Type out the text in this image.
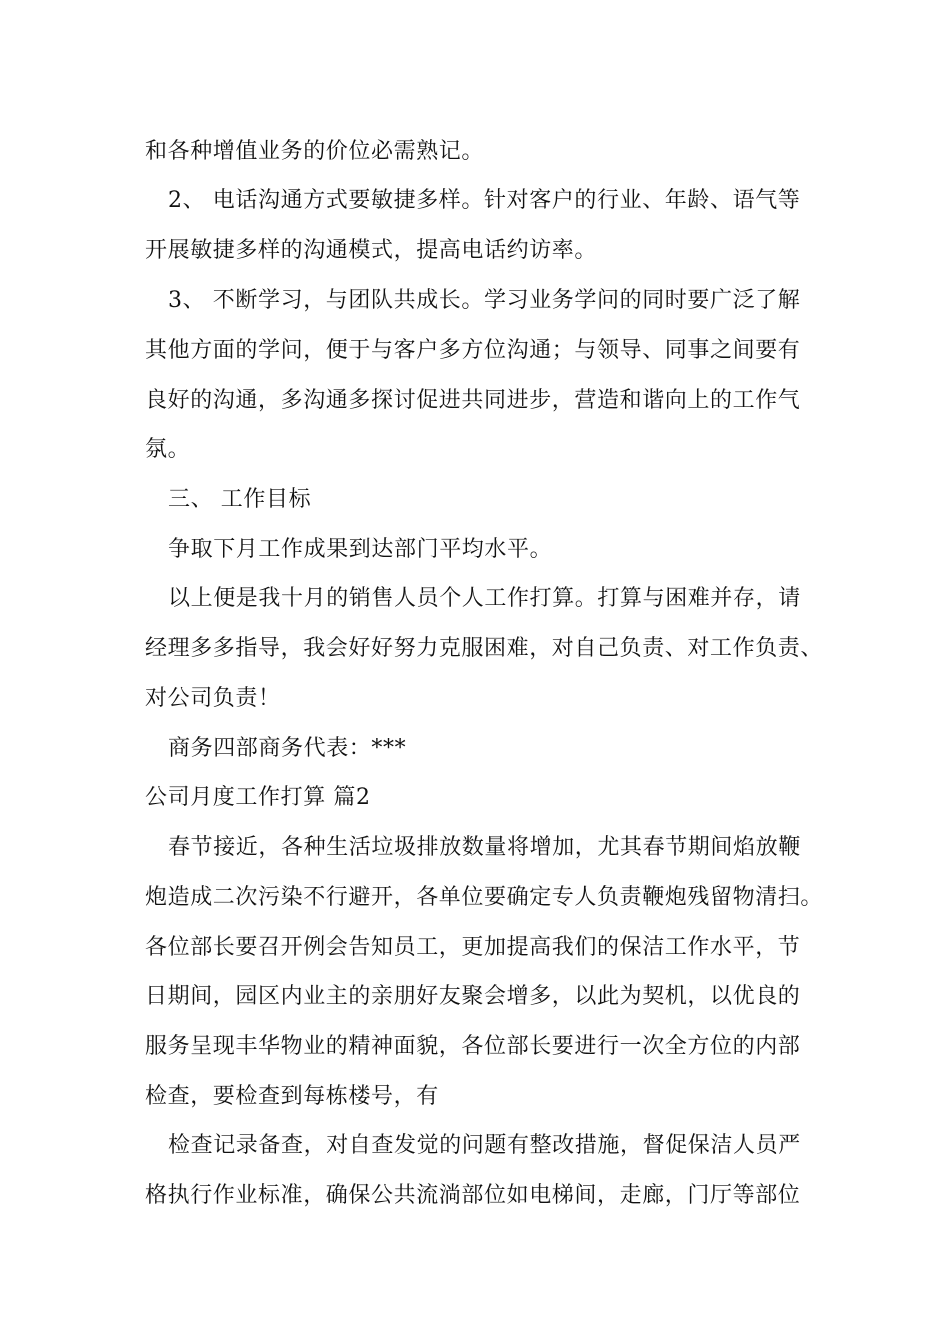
和各种增值业务的价位必需熟记。
2、 电话沟通方式要敏捷多样。针对客户的行业、年龄、语气等
开展敏捷多样的沟通模式，提高电话约访率。
3、 不断学习，与团队共成长。学习业务学问的同时要广泛了解
其他方面的学问，便于与客户多方位沟通；与领导、同事之间要有
良好的沟通，多沟通多探讨促进共同进步，营造和谐向上的工作气
氛。
三、 工作目标
争取下月工作成果到达部门平均水平。
以上便是我十月的销售人员个人工作打算。打算与困难并存，请
经理多多指导，我会好好努力克服困难，对自己负责、对工作负责、
对公司负责！
商务四部商务代表：***
公司月度工作打算 篇2
春节接近，各种生活垃圾排放数量将增加，尤其春节期间焰放鞭
炮造成二次污染不行避开，各单位要确定专人负责鞭炮残留物清扫。
各位部长要召开例会告知员工，更加提高我们的保洁工作水平，节
日期间，园区内业主的亲朋好友聚会增多，以此为契机，以优良的
服务呈现丰华物业的精神面貌，各位部长要进行一次全方位的内部
检查，要检查到每栋楼号，有
检查记录备查，对自查发觉的问题有整改措施，督促保洁人员严
格执行作业标准，确保公共流淌部位如电梯间，走廊，门厅等部位
